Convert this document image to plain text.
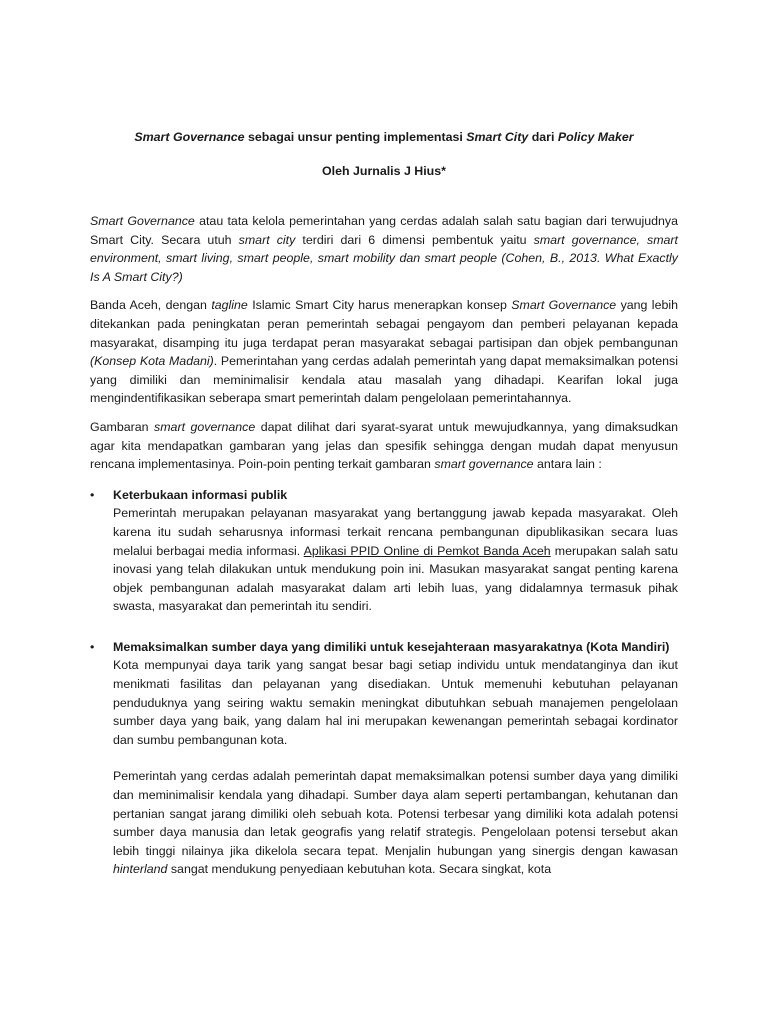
Smart Governance sebagai unsur penting implementasi Smart City dari Policy Maker

Oleh Jurnalis J Hius*

Smart Governance atau tata kelola pemerintahan yang cerdas adalah salah satu bagian dari terwujudnya Smart City. Secara utuh smart city terdiri dari 6 dimensi pembentuk yaitu smart governance, smart environment, smart living, smart people, smart mobility dan smart people (Cohen, B., 2013. What Exactly Is A Smart City?)

Banda Aceh, dengan tagline Islamic Smart City harus menerapkan konsep Smart Governance yang lebih ditekankan pada peningkatan peran pemerintah sebagai pengayom dan pemberi pelayanan kepada masyarakat, disamping itu juga terdapat peran masyarakat sebagai partisipan dan objek pembangunan (Konsep Kota Madani). Pemerintahan yang cerdas adalah pemerintah yang dapat memaksimalkan potensi yang dimiliki dan meminimalisir kendala atau masalah yang dihadapi. Kearifan lokal juga mengindentifikasikan seberapa smart pemerintah dalam pengelolaan pemerintahannya.

Gambaran smart governance dapat dilihat dari syarat-syarat untuk mewujudkannya, yang dimaksudkan agar kita mendapatkan gambaran yang jelas dan spesifik sehingga dengan mudah dapat menyusun rencana implementasinya. Poin-poin penting terkait gambaran smart governance antara lain :

• Keterbukaan informasi publik
Pemerintah merupakan pelayanan masyarakat yang bertanggung jawab kepada masyarakat. Oleh karena itu sudah seharusnya informasi terkait rencana pembangunan dipublikasikan secara luas melalui berbagai media informasi. Aplikasi PPID Online di Pemkot Banda Aceh merupakan salah satu inovasi yang telah dilakukan untuk mendukung poin ini. Masukan masyarakat sangat penting karena objek pembangunan adalah masyarakat dalam arti lebih luas, yang didalamnya termasuk pihak swasta, masyarakat dan pemerintah itu sendiri.
• Memaksimalkan sumber daya yang dimiliki untuk kesejahteraan masyarakatnya (Kota Mandiri)
Kota mempunyai daya tarik yang sangat besar bagi setiap individu untuk mendatanginya dan ikut menikmati fasilitas dan pelayanan yang disediakan. Untuk memenuhi kebutuhan pelayanan penduduknya yang seiring waktu semakin meningkat dibutuhkan sebuah manajemen pengelolaan sumber daya yang baik, yang dalam hal ini merupakan kewenangan pemerintah sebagai kordinator dan sumbu pembangunan kota.
Pemerintah yang cerdas adalah pemerintah dapat memaksimalkan potensi sumber daya yang dimiliki dan meminimalisir kendala yang dihadapi. Sumber daya alam seperti pertambangan, kehutanan dan pertanian sangat jarang dimiliki oleh sebuah kota. Potensi terbesar yang dimiliki kota adalah potensi sumber daya manusia dan letak geografis yang relatif strategis. Pengelolaan potensi tersebut akan lebih tinggi nilainya jika dikelola secara tepat. Menjalin hubungan yang sinergis dengan kawasan hinterland sangat mendukung penyediaan kebutuhan kota. Secara singkat, kota
